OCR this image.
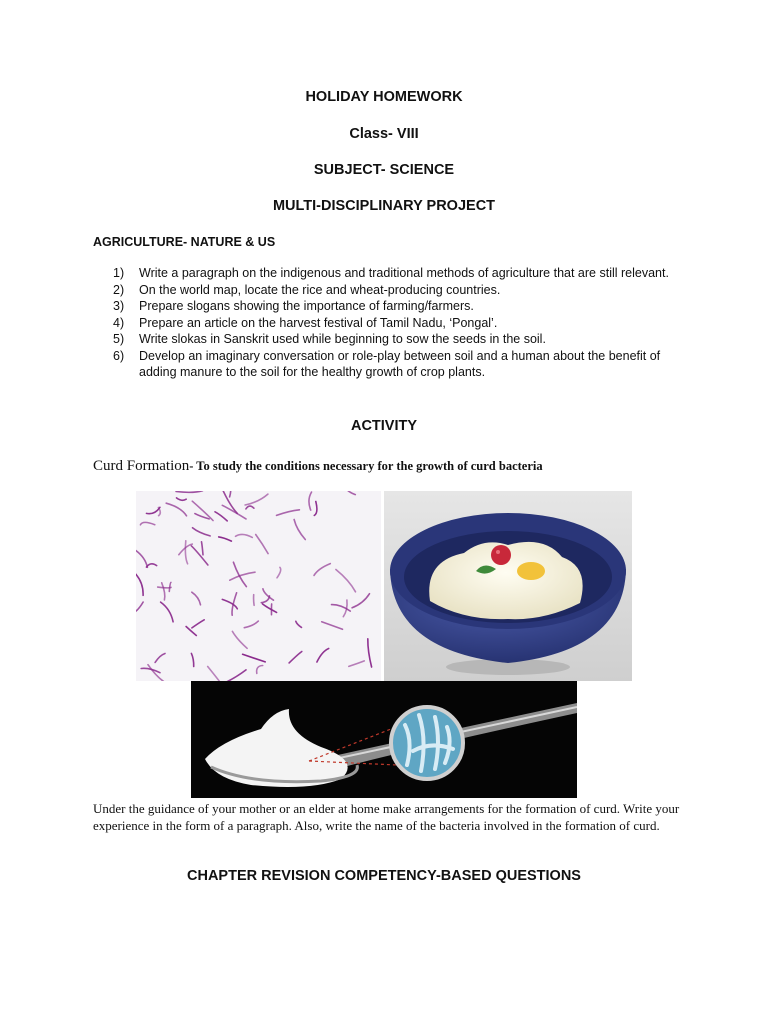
HOLIDAY HOMEWORK
Class- VIII
SUBJECT- SCIENCE
MULTI-DISCIPLINARY PROJECT
AGRICULTURE- NATURE & US
1) Write a paragraph on the indigenous and traditional methods of agriculture that are still relevant.
2) On the world map, locate the rice and wheat-producing countries.
3) Prepare slogans showing the importance of farming/farmers.
4) Prepare an article on the harvest festival of Tamil Nadu, ‘Pongal’.
5) Write slokas in Sanskrit used while beginning to sow the seeds in the soil.
6) Develop an imaginary conversation or role-play between soil and a human about the benefit of adding manure to the soil for the healthy growth of crop plants.
ACTIVITY
Curd Formation- To study the conditions necessary for the growth of curd bacteria
Under the guidance of your mother or an elder at home make arrangements for the formation of curd. Write your experience in the form of a paragraph. Also, write the name of the bacteria involved in the formation of curd.
CHAPTER REVISION COMPETENCY-BASED QUESTIONS
